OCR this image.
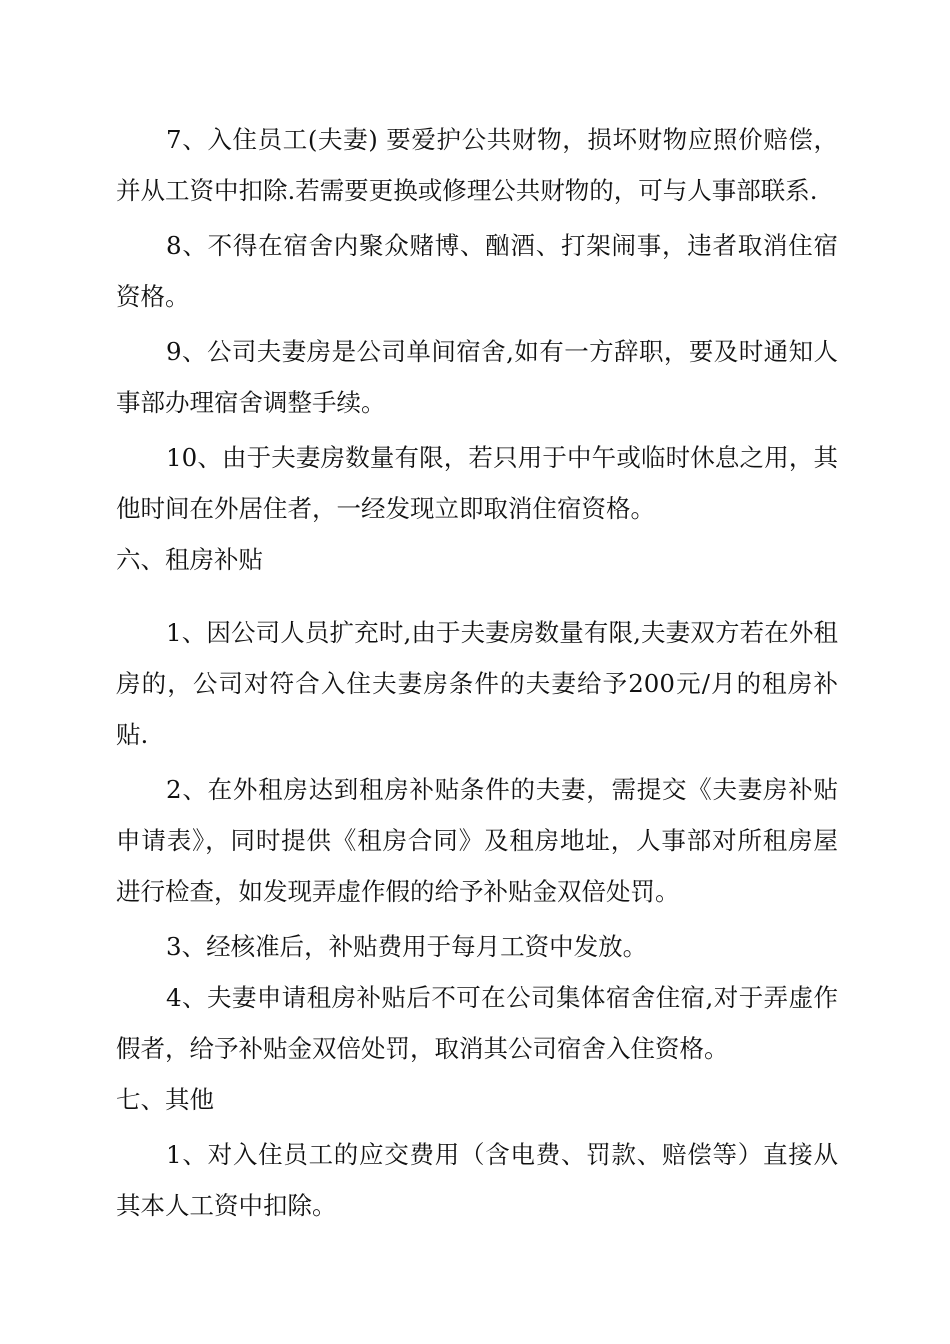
7、入住员工(夫妻) 要爱护公共财物，损坏财物应照价赔偿，并从工资中扣除.若需要更换或修理公共财物的，可与人事部联系.

8、不得在宿舍内聚众赌博、酗酒、打架闹事，违者取消住宿资格。

9、公司夫妻房是公司单间宿舍,如有一方辞职，要及时通知人事部办理宿舍调整手续。

10、由于夫妻房数量有限，若只用于中午或临时休息之用，其他时间在外居住者，一经发现立即取消住宿资格。

六、租房补贴

1、因公司人员扩充时,由于夫妻房数量有限,夫妻双方若在外租房的，公司对符合入住夫妻房条件的夫妻给予200元/月的租房补贴.

2、在外租房达到租房补贴条件的夫妻，需提交《夫妻房补贴申请表》，同时提供《租房合同》及租房地址，人事部对所租房屋进行检查，如发现弄虚作假的给予补贴金双倍处罚。

3、经核准后，补贴费用于每月工资中发放。

4、夫妻申请租房补贴后不可在公司集体宿舍住宿,对于弄虚作假者，给予补贴金双倍处罚，取消其公司宿舍入住资格。

七、其他

1、对入住员工的应交费用（含电费、罚款、赔偿等）直接从其本人工资中扣除。
